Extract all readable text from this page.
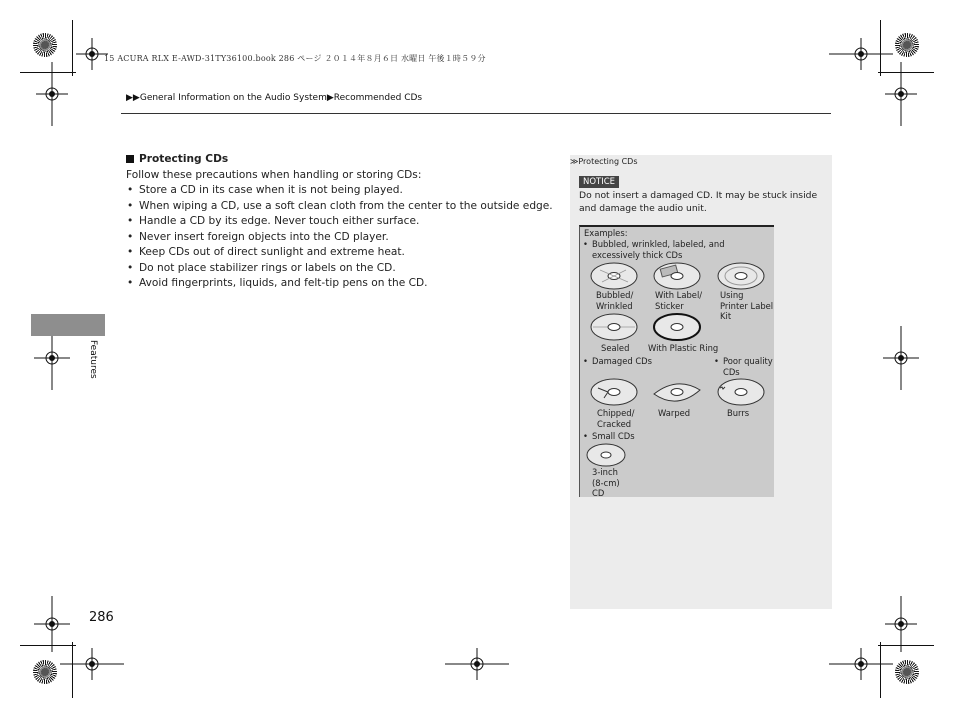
15 ACURA RLX E-AWD-31TY36100.book 286 ページ ２０１４年８月６日 水曜日 午後１時５９分
▶▶General Information on the Audio System▶Recommended CDs
Features
286
Protecting CDs
Follow these precautions when handling or storing CDs:
• Store a CD in its case when it is not being played.
• When wiping a CD, use a soft clean cloth from the center to the outside edge.
• Handle a CD by its edge. Never touch either surface.
• Never insert foreign objects into the CD player.
• Keep CDs out of direct sunlight and extreme heat.
• Do not place stabilizer rings or labels on the CD.
• Avoid fingerprints, liquids, and felt-tip pens on the CD.
≫Protecting CDs
NOTICE
Do not insert a damaged CD. It may be stuck inside and damage the audio unit.
Examples:
• Bubbled, wrinkled, labeled, and excessively thick CDs
Bubbled/
Wrinkled
With Label/
Sticker
Using
Printer Label
Kit
Sealed With Plastic Ring
• Damaged CDs
•	Poor quality
CDs
Chipped/
Cracked
Warped	Burrs
• Small CDs
3-inch
(8-cm)
CD
